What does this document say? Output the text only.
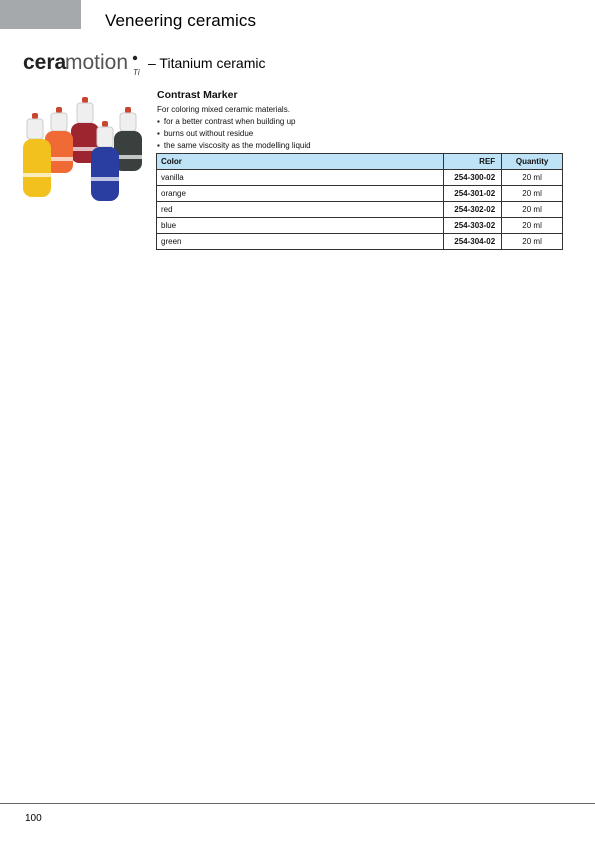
Veneering ceramics
cera
motion Ti
– Titanium ceramic
Contrast Marker
For coloring mixed ceramic materials.
▪ for a better contrast when building up
▪ burns out without residue
▪ the same viscosity as the modelling liquid
Color	REF	Quantity
vanilla	254-300-02	20 ml
orange	254-301-02	20 ml
red	254-302-02	20 ml
blue	254-303-02	20 ml
green	254-304-02	20 ml
100
